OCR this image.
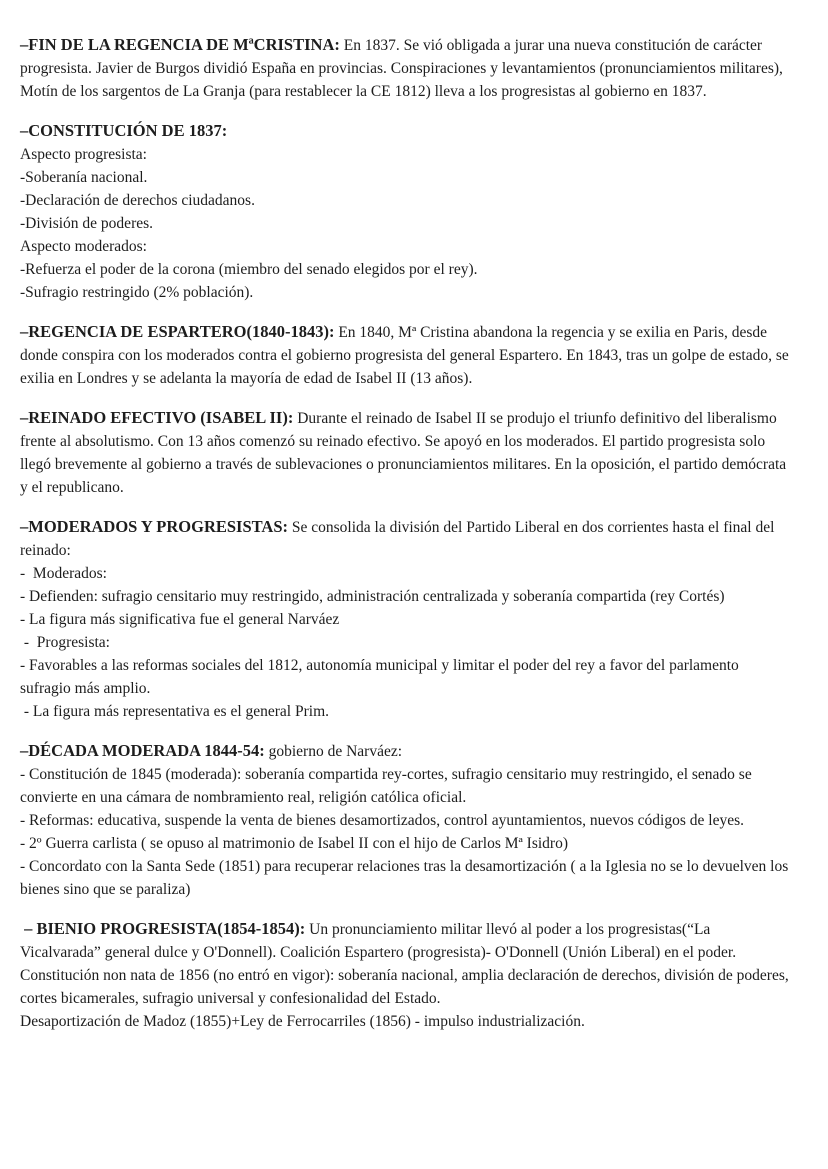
–FIN DE LA REGENCIA DE MªCRISTINA: En 1837. Se vió obligada a jurar una nueva constitución de carácter progresista. Javier de Burgos dividió España en provincias. Conspiraciones y levantamientos (pronunciamientos militares), Motín de los sargentos de La Granja (para restablecer la CE 1812) lleva a los progresistas al gobierno en 1837.

–CONSTITUCIÓN DE 1837:

Aspecto progresista:

-Soberanía nacional.

-Declaración de derechos ciudadanos.

-División de poderes.

Aspecto moderados:

-Refuerza el poder de la corona (miembro del senado elegidos por el rey).

-Sufragio restringido (2% población).

–REGENCIA DE ESPARTERO(1840-1843): En 1840, Mª Cristina abandona la regencia y se exilia en Paris, desde donde conspira con los moderados contra el gobierno progresista del general Espartero. En 1843, tras un golpe de estado, se exilia en Londres y se adelanta la mayoría de edad de Isabel II (13 años).

–REINADO EFECTIVO (ISABEL II): Durante el reinado de Isabel II se produjo el triunfo definitivo del liberalismo frente al absolutismo. Con 13 años comenzó su reinado efectivo. Se apoyó en los moderados. El partido progresista solo llegó brevemente al gobierno a través de sublevaciones o pronunciamientos militares. En la oposición, el partido demócrata y el republicano.

–MODERADOS Y PROGRESISTAS: Se consolida la división del Partido Liberal en dos corrientes hasta el final del reinado:

-  Moderados:

- Defienden: sufragio censitario muy restringido, administración centralizada y soberanía compartida (rey Cortés)

- La figura más significativa fue el general Narváez

-  Progresista:

- Favorables a las reformas sociales del 1812, autonomía municipal y limitar el poder del rey a favor del parlamento sufragio más amplio.

- La figura más representativa es el general Prim.

–DÉCADA MODERADA 1844-54: gobierno de Narváez:

- Constitución de 1845 (moderada): soberanía compartida rey-cortes, sufragio censitario muy restringido, el senado se convierte en una cámara de nombramiento real, religión católica oficial.

- Reformas: educativa, suspende la venta de bienes desamortizados, control ayuntamientos, nuevos códigos de leyes.

- 2º Guerra carlista ( se opuso al matrimonio de Isabel II con el hijo de Carlos Mª Isidro)

- Concordato con la Santa Sede (1851) para recuperar relaciones tras la desamortización ( a la Iglesia no se lo devuelven los bienes sino que se paraliza)

– BIENIO PROGRESISTA(1854-1854): Un pronunciamiento militar llevó al poder a los progresistas(“La Vicalvarada” general dulce y O'Donnell). Coalición Espartero (progresista)- O'Donnell (Unión Liberal) en el poder.

Constitución non nata de 1856 (no entró en vigor): soberanía nacional, amplia declaración de derechos, división de poderes, cortes bicamerales, sufragio universal y confesionalidad del Estado.

Desaportización de Madoz (1855)+Ley de Ferrocarriles (1856) - impulso industrialización.
